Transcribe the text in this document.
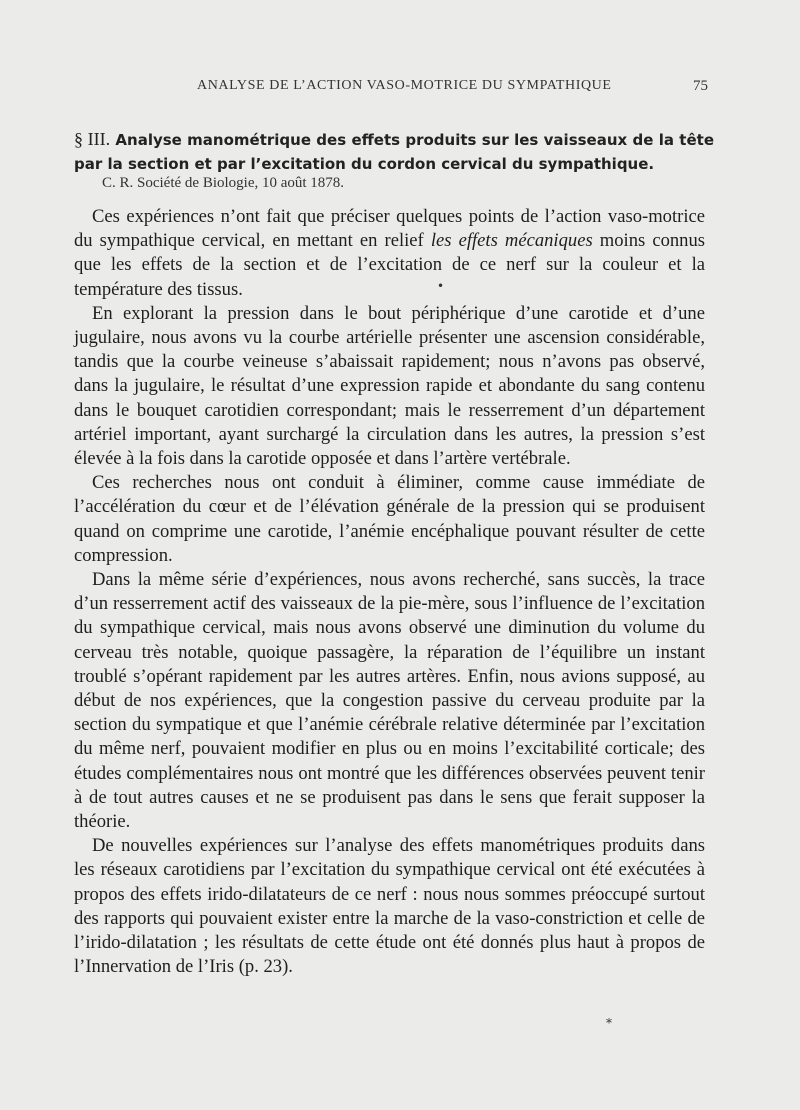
ANALYSE DE L’ACTION VASO-MOTRICE DU SYMPATHIQUE	75
§ III. Analyse manométrique des effets produits sur les vaisseaux de la tête par la section et par l’excitation du cordon cervical du sympathique.
C. R. Société de Biologie, 10 août 1878.

Ces expériences n’ont fait que préciser quelques points de l’action vaso-motrice du sympathique cervical, en mettant en relief les effets mécaniques moins connus que les effets de la section et de l’excitation de ce nerf sur la couleur et la température des tissus.

En explorant la pression dans le bout périphérique d’une carotide et d’une jugulaire, nous avons vu la courbe artérielle présenter une ascension considérable, tandis que la courbe veineuse s’abaissait rapidement; nous n’avons pas observé, dans la jugulaire, le résultat d’une expression rapide et abondante du sang contenu dans le bouquet carotidien correspondant; mais le resserrement d’un département artériel important, ayant surchargé la circulation dans les autres, la pression s’est élevée à la fois dans la carotide opposée et dans l’artère vertébrale.

Ces recherches nous ont conduit à éliminer, comme cause immédiate de l’accélération du cœur et de l’élévation générale de la pression qui se produisent quand on comprime une carotide, l’anémie encéphalique pouvant résulter de cette compression.

Dans la même série d’expériences, nous avons recherché, sans succès, la trace d’un resserrement actif des vaisseaux de la pie-mère, sous l’influence de l’excitation du sympathique cervical, mais nous avons observé une diminution du volume du cerveau très notable, quoique passagère, la réparation de l’équilibre un instant troublé s’opérant rapidement par les autres artères. Enfin, nous avions supposé, au début de nos expériences, que la congestion passive du cerveau produite par la section du sympatique et que l’anémie cérébrale relative déterminée par l’excitation du même nerf, pouvaient modifier en plus ou en moins l’excitabilité corticale; des études complémentaires nous ont montré que les différences observées peuvent tenir à de tout autres causes et ne se produisent pas dans le sens que ferait supposer la théorie.

De nouvelles expériences sur l’analyse des effets manométriques produits dans les réseaux carotidiens par l’excitation du sympathique cervical ont été exécutées à propos des effets irido-dilatateurs de ce nerf : nous nous sommes préoccupé surtout des rapports qui pouvaient exister entre la marche de la vaso-constriction et celle de l’irido-dilatation ; les résultats de cette étude ont été donnés plus haut à propos de l’Innervation de l’Iris (p. 23).

•
*
